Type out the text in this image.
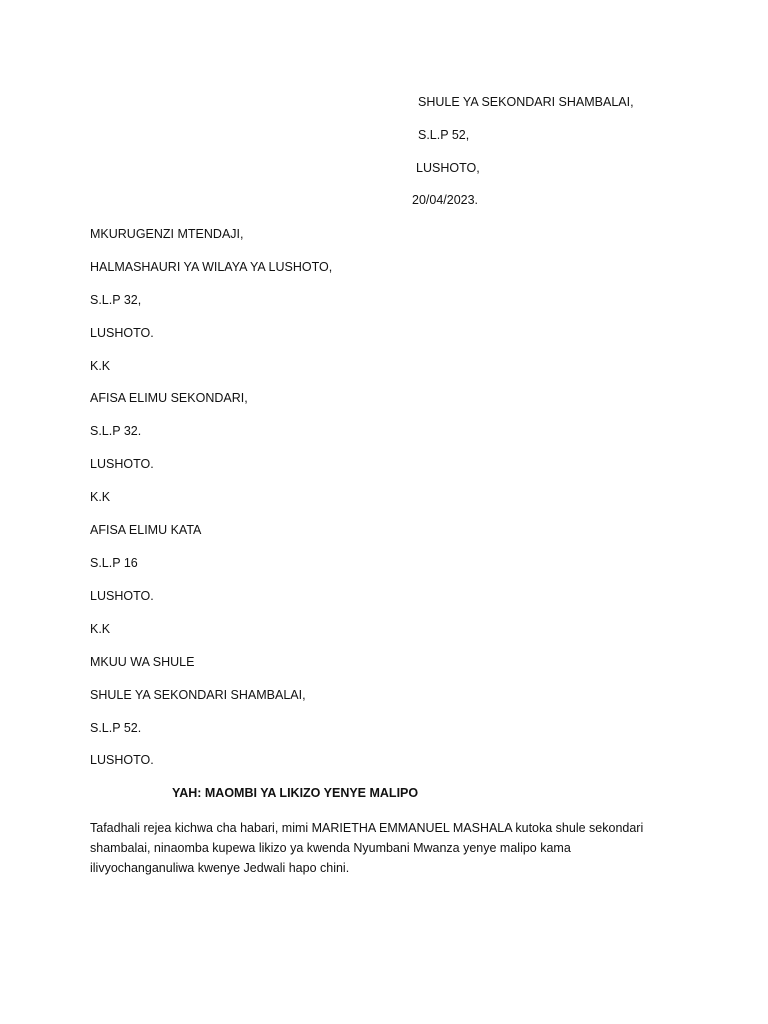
SHULE YA SEKONDARI SHAMBALAI,
S.L.P 52,
LUSHOTO,
20/04/2023.
MKURUGENZI MTENDAJI,
HALMASHAURI YA WILAYA YA LUSHOTO,
S.L.P 32,
LUSHOTO.
K.K
AFISA ELIMU SEKONDARI,
S.L.P 32.
LUSHOTO.
K.K
AFISA ELIMU KATA
S.L.P 16
LUSHOTO.
K.K
MKUU WA SHULE
SHULE YA SEKONDARI SHAMBALAI,
S.L.P 52.
LUSHOTO.
YAH: MAOMBI YA LIKIZO YENYE MALIPO
Tafadhali rejea kichwa cha habari, mimi MARIETHA EMMANUEL MASHALA kutoka shule sekondari shambalai, ninaomba kupewa likizo ya kwenda Nyumbani Mwanza yenye malipo kama ilivyochanganuliwa kwenye Jedwali hapo chini.
